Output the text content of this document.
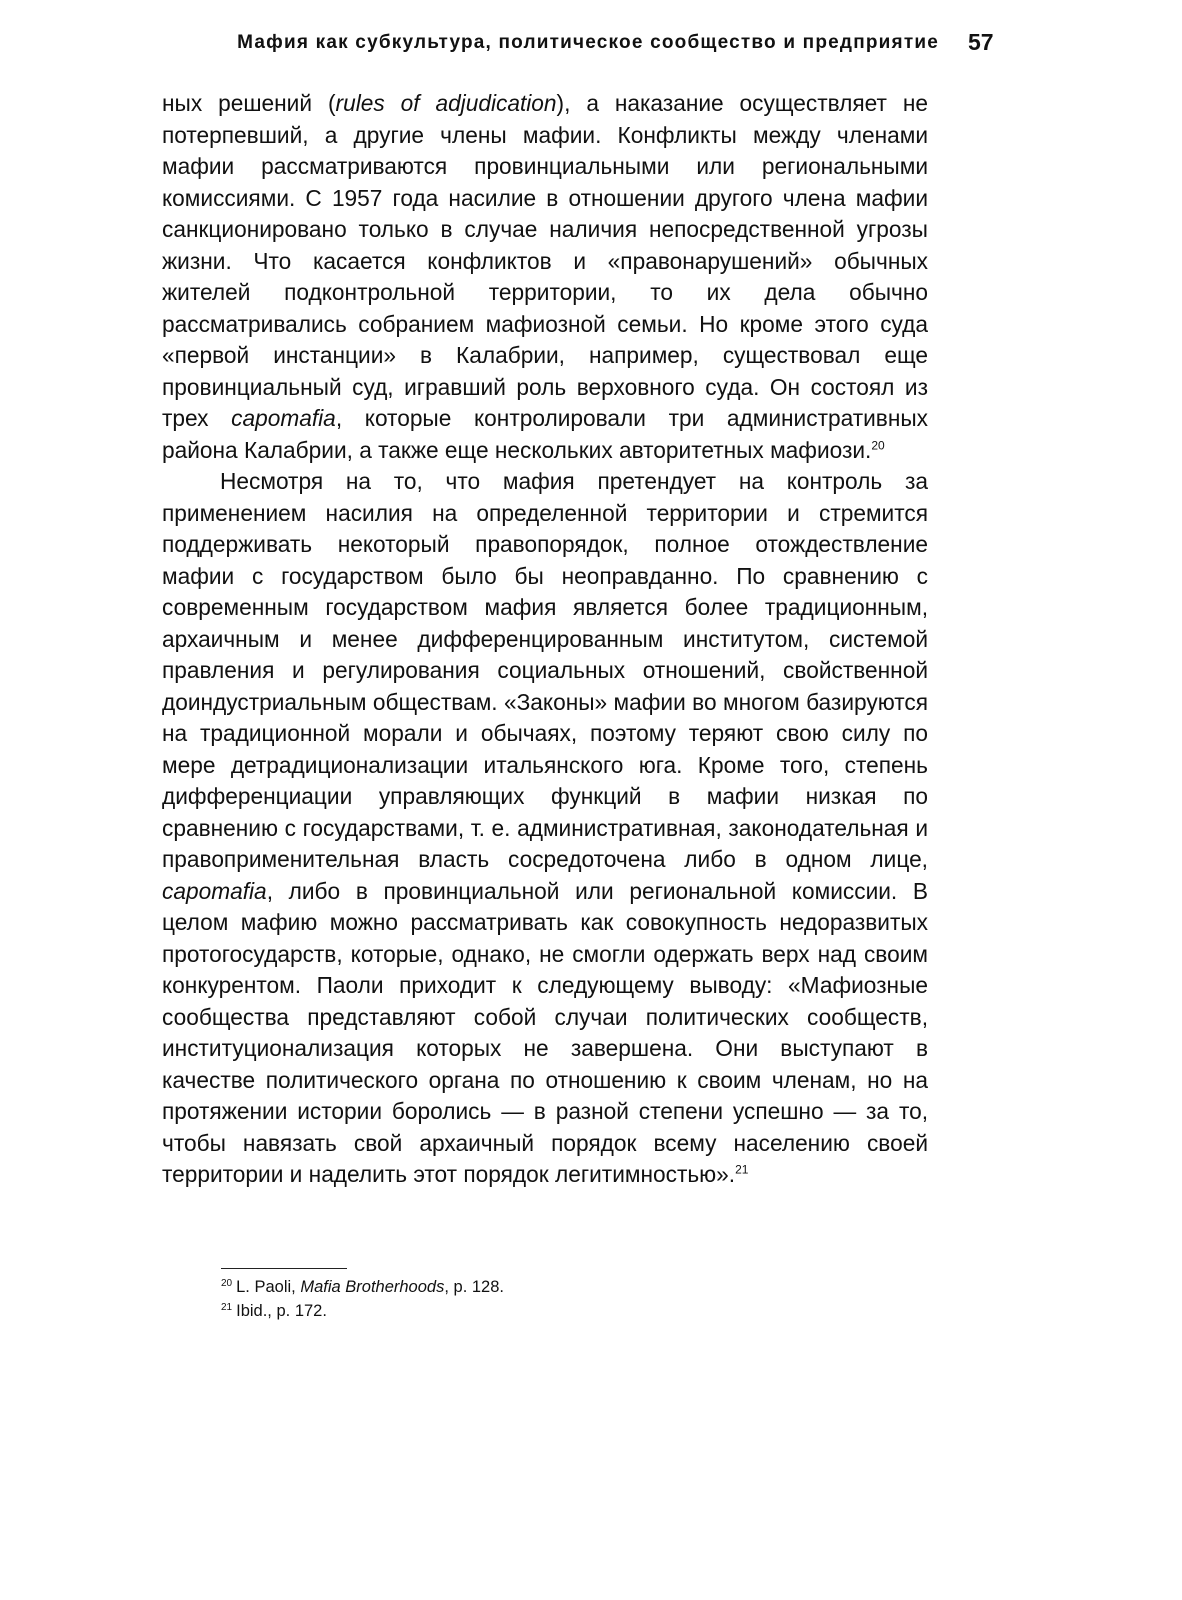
Мафия как субкультура, политическое сообщество и предприятие 57

ных решений (rules of adjudication), а наказание осуществляет не потерпевший, а другие члены мафии. Конфликты между членами мафии рассматриваются провинциальными или региональными комиссиями. С 1957 года насилие в отношении другого члена мафии санкционировано только в случае наличия непосредственной угрозы жизни. Что касается конфликтов и «правонарушений» обычных жителей подконтрольной территории, то их дела обычно рассматривались собранием мафиозной семьи. Но кроме этого суда «первой инстанции» в Калабрии, например, существовал еще провинциальный суд, игравший роль верховного суда. Он состоял из трех capomafia, которые контролировали три административных района Калабрии, а также еще нескольких авторитетных мафиози.$^{20}$

Несмотря на то, что мафия претендует на контроль за применением насилия на определенной территории и стремится поддерживать некоторый правопорядок, полное отождествление мафии с государством было бы неоправданно. По сравнению с современным государством мафия является более традиционным, архаичным и менее дифференцированным институтом, системой правления и регулирования социальных отношений, свойственной доиндустриальным обществам. «Законы» мафии во многом базируются на традиционной морали и обычаях, поэтому теряют свою силу по мере детрадиционализации итальянского юга. Кроме того, степень дифференциации управляющих функций в мафии низкая по сравнению с государствами, т. е. административная, законодательная и правоприменительная власть сосредоточена либо в одном лице, capomafia, либо в провинциальной или региональной комиссии. В целом мафию можно рассматривать как совокупность недоразвитых протогосударств, которые, однако, не смогли одержать верх над своим конкурентом. Паоли приходит к следующему выводу: «Мафиозные сообщества представляют собой случаи политических сообществ, институционализация которых не завершена. Они выступают в качестве политического органа по отношению к своим членам, но на протяжении истории боролись — в разной степени успешно — за то, чтобы навязать свой архаичный порядок всему населению своей территории и наделить этот порядок легитимностью».$^{21}$

$^{20}$ L. Paoli, Mafia Brotherhoods, p. 128.

$^{21}$ Ibid., p. 172.
